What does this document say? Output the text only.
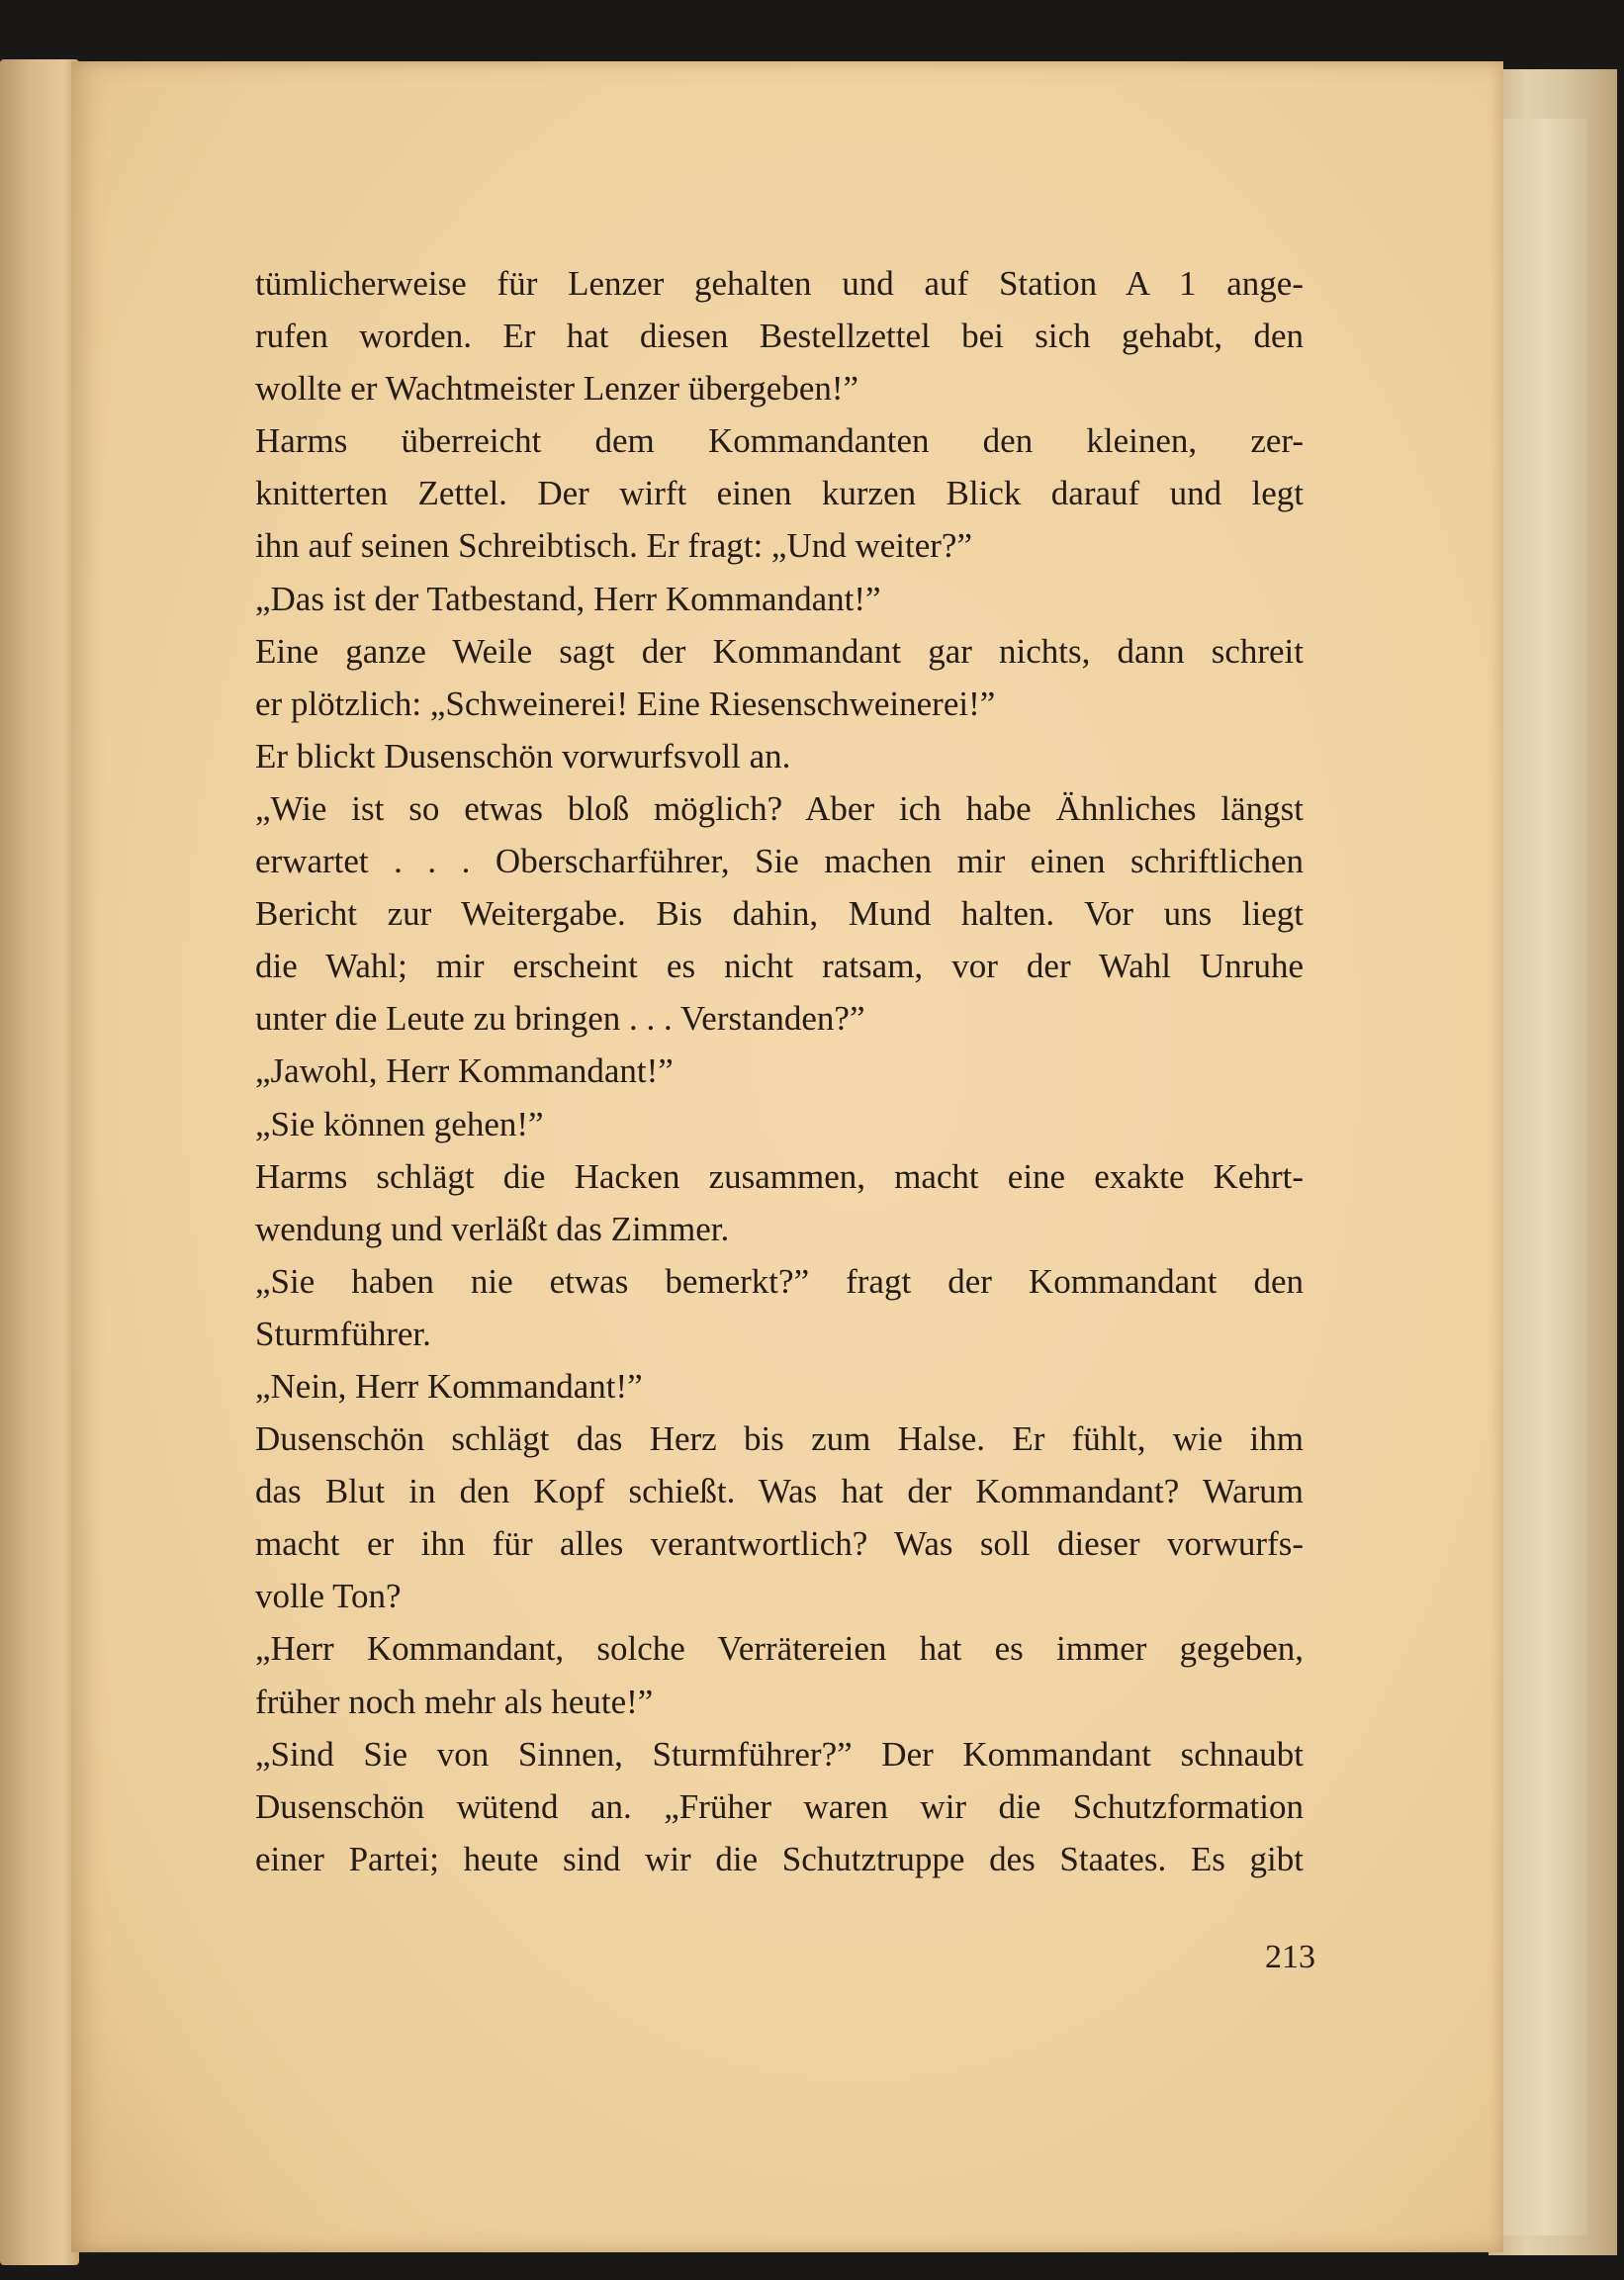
tümlicherweise für Lenzer gehalten und auf Station A 1 ange-
rufen worden. Er hat diesen Bestellzettel bei sich gehabt, den
wollte er Wachtmeister Lenzer übergeben!”
Harms überreicht dem Kommandanten den kleinen, zer-
knitterten Zettel. Der wirft einen kurzen Blick darauf und legt
ihn auf seinen Schreibtisch. Er fragt: „Und weiter?”
„Das ist der Tatbestand, Herr Kommandant!”
Eine ganze Weile sagt der Kommandant gar nichts, dann schreit
er plötzlich: „Schweinerei! Eine Riesenschweinerei!”
Er blickt Dusenschön vorwurfsvoll an.
„Wie ist so etwas bloß möglich? Aber ich habe Ähnliches längst
erwartet . . . Oberscharführer, Sie machen mir einen schriftlichen
Bericht zur Weitergabe. Bis dahin, Mund halten. Vor uns liegt
die Wahl; mir erscheint es nicht ratsam, vor der Wahl Unruhe
unter die Leute zu bringen . . . Verstanden?”
„Jawohl, Herr Kommandant!”
„Sie können gehen!”
Harms schlägt die Hacken zusammen, macht eine exakte Kehrt-
wendung und verläßt das Zimmer.
„Sie haben nie etwas bemerkt?” fragt der Kommandant den
Sturmführer.
„Nein, Herr Kommandant!”
Dusenschön schlägt das Herz bis zum Halse. Er fühlt, wie ihm
das Blut in den Kopf schießt. Was hat der Kommandant? Warum
macht er ihn für alles verantwortlich? Was soll dieser vorwurfs-
volle Ton?
„Herr Kommandant, solche Verrätereien hat es immer gegeben,
früher noch mehr als heute!”
„Sind Sie von Sinnen, Sturmführer?” Der Kommandant schnaubt
Dusenschön wütend an. „Früher waren wir die Schutzformation
einer Partei; heute sind wir die Schutztruppe des Staates. Es gibt
213
